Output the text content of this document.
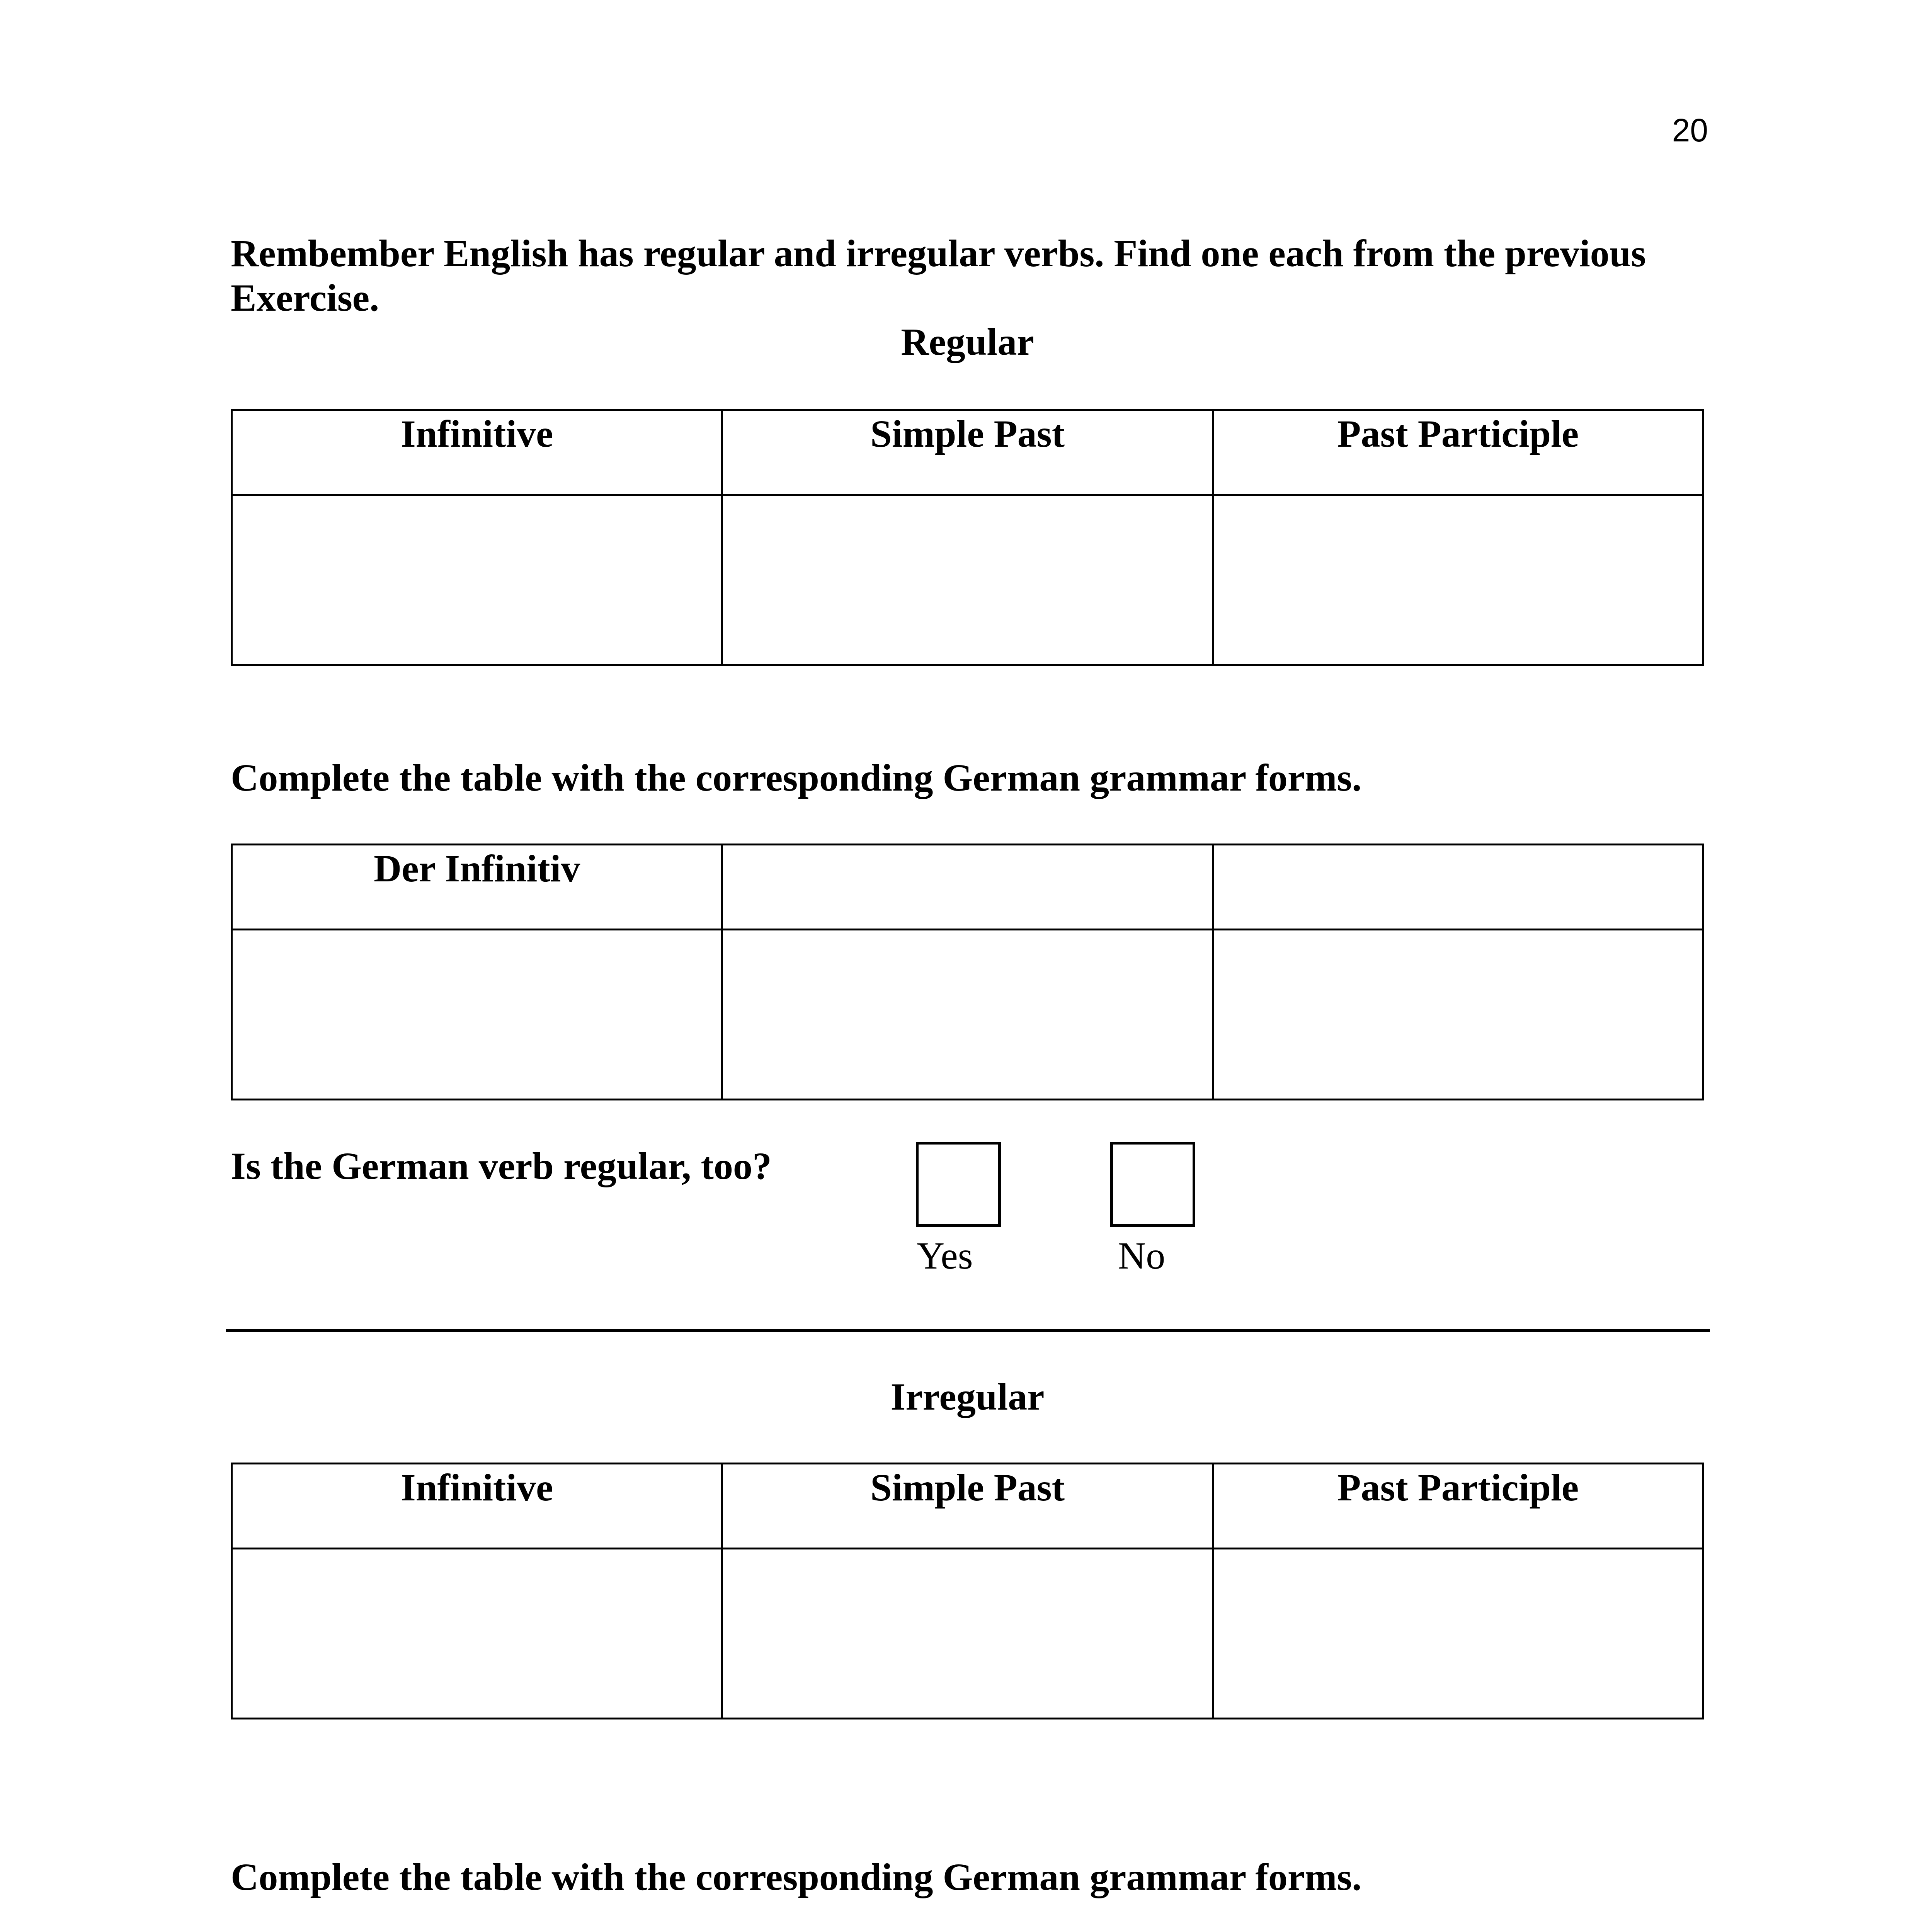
20
Rembember English has regular and irregular verbs. Find one each from the previous Exercise.
Regular
Infinitive	Simple Past	Past Participle

Complete the table with the corresponding German grammar forms.
Der Infinitiv		

Is the German verb regular, too?
Yes	No
Irregular
Infinitive	Simple Past	Past Participle

Complete the table with the corresponding German grammar forms.
